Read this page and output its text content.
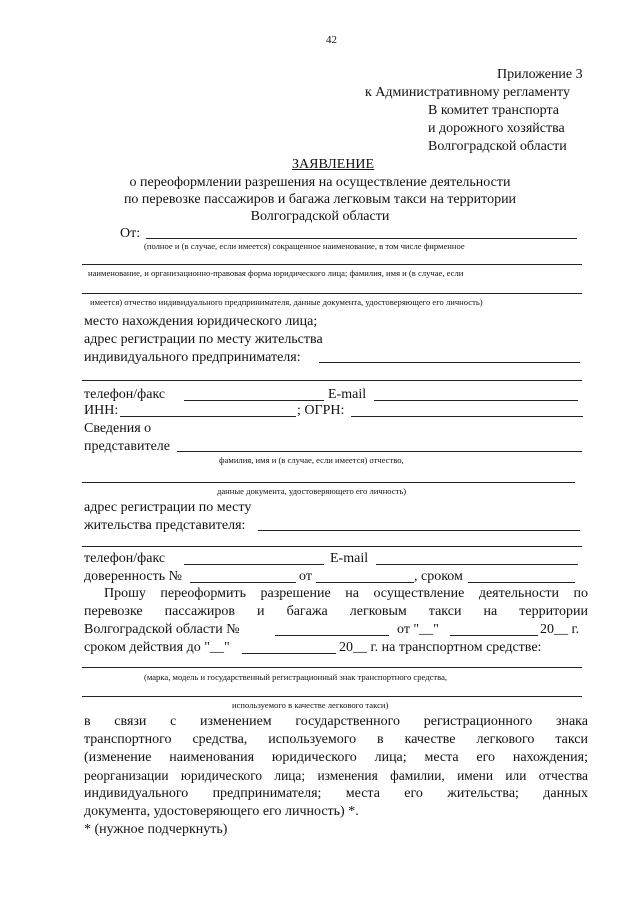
42
Приложение 3
к Административному регламенту
В комитет транспорта
и дорожного хозяйства
Волгоградской области
ЗАЯВЛЕНИЕ
о переоформлении разрешения на осуществление деятельности
по перевозке пассажиров и багажа легковым такси на территории
Волгоградской области
От:
(полное и (в случае, если имеется) сокращенное наименование, в том числе фирменное
наименование, и организационно-правовая форма юридического лица; фамилия, имя и (в случае, если
имеется) отчество индивидуального предпринимателя, данные документа, удостоверяющего его личность)
место нахождения юридического лица;
адрес регистрации по месту жительства
индивидуального предпринимателя:
телефон/факс	E-mail
ИНН:	; ОГРН:
Сведения о
представителе
фамилия, имя и (в случае, если имеется) отчество,
данные документа, удостоверяющего его личность)
адрес регистрации по месту
жительства представителя:
телефон/факс	E-mail
доверенность №	от	, сроком
Прошу переоформить разрешение на осуществление деятельности по
перевозке пассажиров и багажа легковым такси на территории
Волгоградской области №	от "__"	20__ г.
сроком действия до "__"	20__ г. на транспортном средстве:
(марка, модель и государственный регистрационный знак транспортного средства,
используемого в качестве легкового такси)
в связи с изменением государственного регистрационного знака
транспортного средства, используемого в качестве легкового такси
(изменение наименования юридического лица; места его нахождения;
реорганизации юридического лица; изменения фамилии, имени или отчества
индивидуального предпринимателя; места его жительства; данных
документа, удостоверяющего его личность) *.
* (нужное подчеркнуть)
